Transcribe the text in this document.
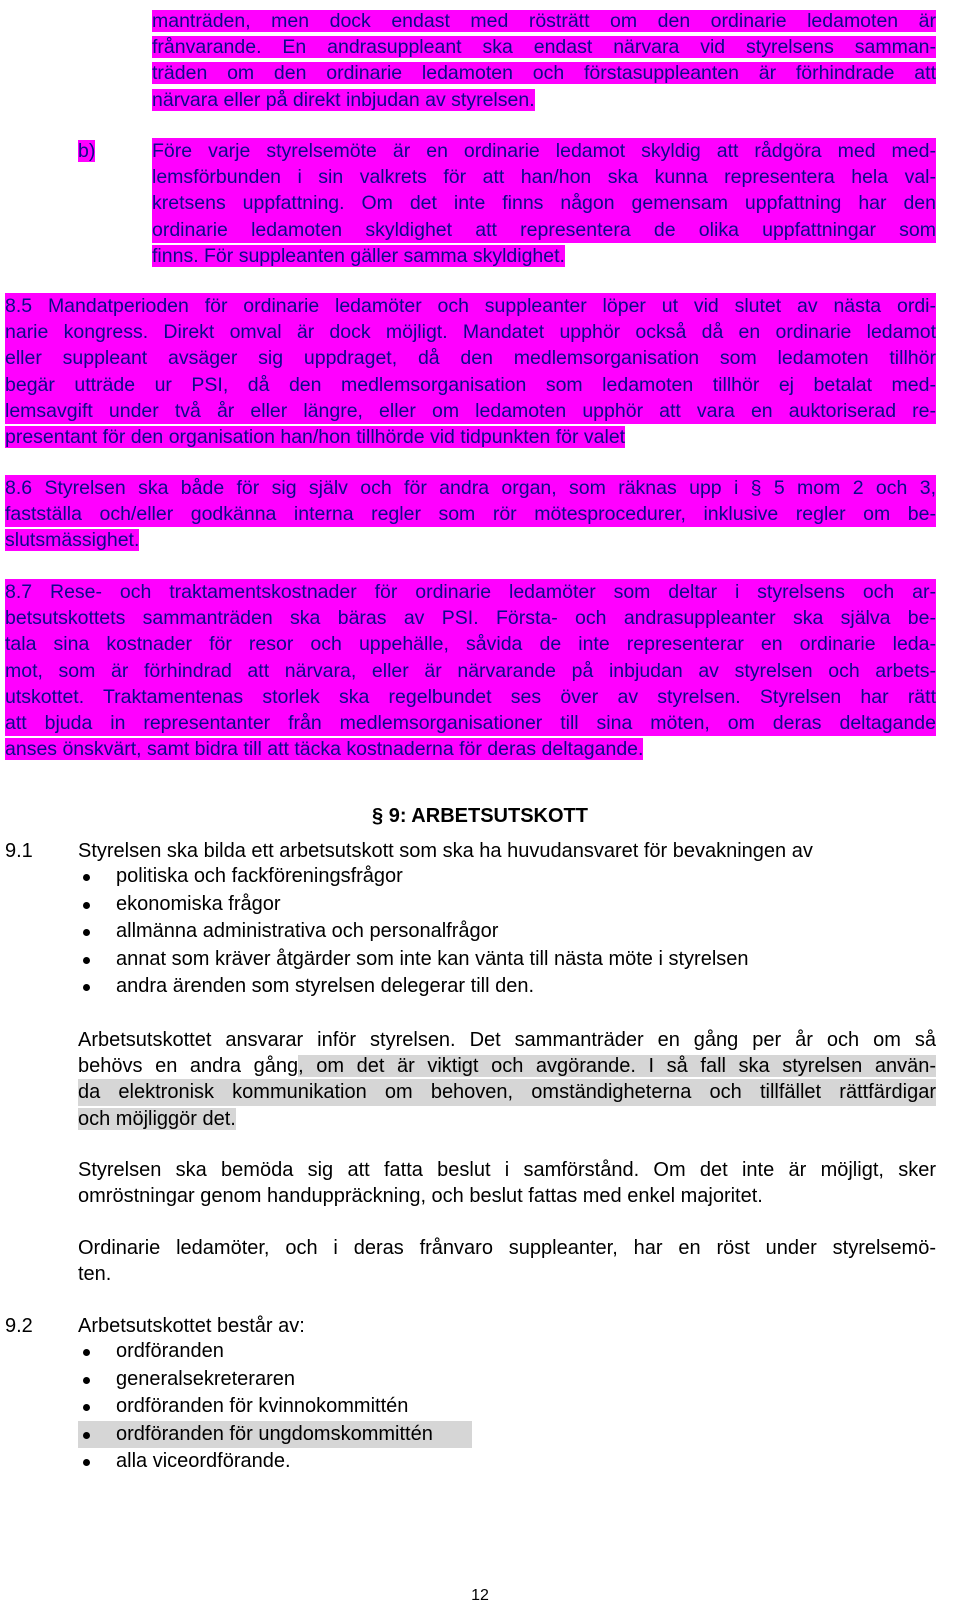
manträden, men dock endast med rösträtt om den ordinarie ledamoten är
frånvarande. En andrasuppleant ska endast närvara vid styrelsens samman-
träden om den ordinarie ledamoten och förstasuppleanten är förhindrade att
närvara eller på direkt inbjudan av styrelsen.
b)	Före varje styrelsemöte är en ordinarie ledamot skyldig att rådgöra med med-
lemsförbunden i sin valkrets för att han/hon ska kunna representera hela val-
kretsens uppfattning. Om det inte finns någon gemensam uppfattning har den
ordinarie ledamoten skyldighet att representera de olika uppfattningar som
finns. För suppleanten gäller samma skyldighet.
8.5 Mandatperioden för ordinarie ledamöter och suppleanter löper ut vid slutet av nästa ordi-
narie kongress. Direkt omval är dock möjligt. Mandatet upphör också då en ordinarie ledamot
eller suppleant avsäger sig uppdraget, då den medlemsorganisation som ledamoten tillhör
begär utträde ur PSI, då den medlemsorganisation som ledamoten tillhör ej betalat med-
lemsavgift under två år eller längre, eller om ledamoten upphör att vara en auktoriserad re-
presentant för den organisation han/hon tillhörde vid tidpunkten för valet
8.6 Styrelsen ska både för sig själv och för andra organ, som räknas upp i § 5 mom 2 och 3,
fastställa och/eller godkänna interna regler som rör mötesprocedurer, inklusive regler om be-
slutsmässighet.
8.7 Rese- och traktamentskostnader för ordinarie ledamöter som deltar i styrelsens och ar-
betsutskottets sammanträden ska bäras av PSI. Första- och andrasuppleanter ska själva be-
tala sina kostnader för resor och uppehälle, såvida de inte representerar en ordinarie leda-
mot, som är förhindrad att närvara, eller är närvarande på inbjudan av styrelsen och arbets-
utskottet. Traktamentenas storlek ska regelbundet ses över av styrelsen. Styrelsen har rätt
att bjuda in representanter från medlemsorganisationer till sina möten, om deras deltagande
anses önskvärt, samt bidra till att täcka kostnaderna för deras deltagande.
§ 9: ARBETSUTSKOTT
9.1 Styrelsen ska bilda ett arbetsutskott som ska ha huvudansvaret för bevakningen av
politiska och fackföreningsfrågor
ekonomiska frågor
allmänna administrativa och personalfrågor
annat som kräver åtgärder som inte kan vänta till nästa möte i styrelsen
andra ärenden som styrelsen delegerar till den.
Arbetsutskottet ansvarar inför styrelsen. Det sammanträder en gång per år och om så
behövs en andra gång, om det är viktigt och avgörande. I så fall ska styrelsen använ-
da elektronisk kommunikation om behoven, omständigheterna och tillfället rättfärdigar
och möjliggör det.
Styrelsen ska bemöda sig att fatta beslut i samförstånd. Om det inte är möjligt, sker
omröstningar genom handuppräckning, och beslut fattas med enkel majoritet.
Ordinarie ledamöter, och i deras frånvaro suppleanter, har en röst under styrelsemö-
ten.
9.2 Arbetsutskottet består av:
ordföranden
generalsekreteraren
ordföranden för kvinnokommittén
ordföranden för ungdomskommittén
alla viceordförande.
12
